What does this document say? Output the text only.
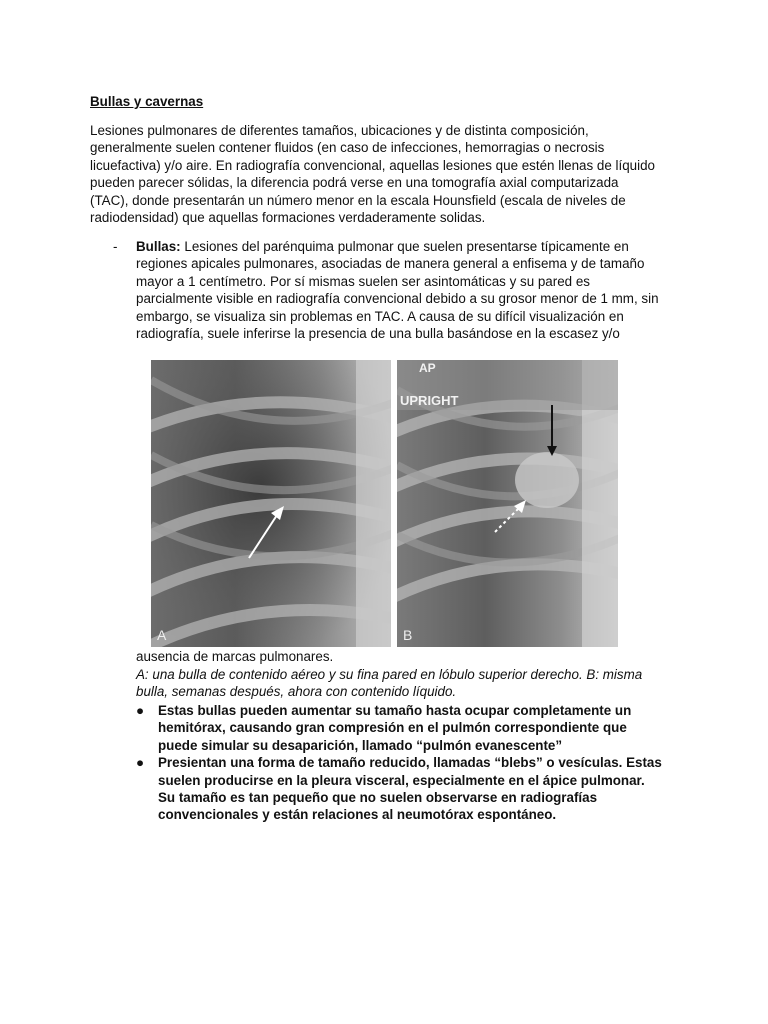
Bullas y cavernas
Lesiones pulmonares de diferentes tamaños, ubicaciones y de distinta composición,
generalmente suelen contener fluidos (en caso de infecciones, hemorragias o necrosis
licuefactiva) y/o aire. En radiografía convencional, aquellas lesiones que estén llenas de líquido
pueden parecer sólidas, la diferencia podrá verse en una tomografía axial computarizada
(TAC), donde presentarán un número menor en la escala Hounsfield (escala de niveles de
radiodensidad) que aquellas formaciones verdaderamente solidas.
- Bullas: Lesiones del parénquima pulmonar que suelen presentarse típicamente en
regiones apicales pulmonares, asociadas de manera general a enfisema y de tamaño
mayor a 1 centímetro. Por sí mismas suelen ser asintomáticas y su pared es
parcialmente visible en radiografía convencional debido a su grosor menor de 1 mm, sin
embargo, se visualiza sin problemas en TAC. A causa de su difícil visualización en
radiografía, suele inferirse la presencia de una bulla basándose en la escasez y/o
A
AP
UPRIGHT
B
ausencia de marcas pulmonares.
A: una bulla de contenido aéreo y su fina pared en lóbulo superior derecho. B: misma
bulla, semanas después, ahora con contenido líquido.
● Estas bullas pueden aumentar su tamaño hasta ocupar completamente un
hemitórax, causando gran compresión en el pulmón correspondiente que
puede simular su desaparición, llamado “pulmón evanescente”
● Presientan una forma de tamaño reducido, llamadas “blebs” o vesículas. Estas
suelen producirse en la pleura visceral, especialmente en el ápice pulmonar.
Su tamaño es tan pequeño que no suelen observarse en radiografías
convencionales y están relaciones al neumotórax espontáneo.
